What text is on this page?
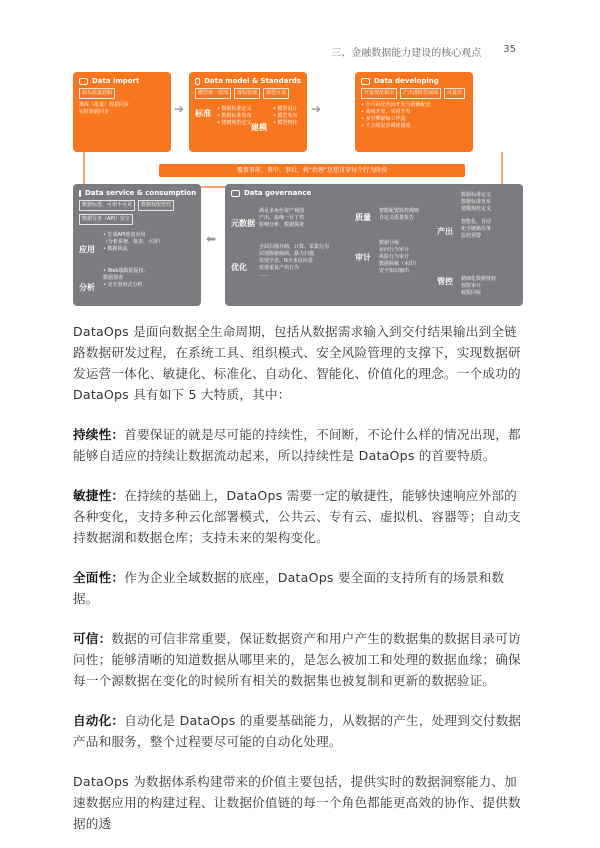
三、金融数据能力建设的核心观点 35
Data import
源头质量控制
离线（批量）数据同步
实时数据同步	➔
Data model & Standards
模型统一管理	落标管理	模型可视
标准 • 数据标准定义
• 数据标准发布
• 建模规范定义 建模
• 模型设计
• 模型发布
• 模型物化
➔
Data developing
开发规范指引	产出准时性保障	可复性
• 全可视化代码开发与依赖配置
• 离线开发、实时开发
• 多引擎混编工作流
• 千万级复杂调度调度
覆盖事前、事中、事后，将“治理”思想贯穿每个行为阶段
Data service & consumption
数据标准、可用不可见	数据权限管控
数据分享（API）安全
应用
• 生成API连接应用
（分析系统、报表、大屏）
• 数据回流
分析
• Web端数据提权、
数据探查
• 交互查询式分析
⬅
Data governance
元数据
满足多角色资产视图
产出、血缘一目了然
影响分析、数据探查
优化
全面扫描存储、计算、采集行为
识别数据倾斜、暴力扫描
发现空表、N天未访问表
发现重复产出行为
……
质量
智能配置监控规则
自定义质量报告
审计
数据分级
访问行为审计
风险行为审计
数据脱敏（水印）
安全知识输出
产出
数据标准定义
数据标准发布
建模规范定义
智能化、自动
化全链路任务
监控预警
管控 精细化数据授权
权限审计
权限回收

DataOps 是面向数据全生命周期，包括从数据需求输入到交付结果输出到全链路数据研发过程，在系统工具、组织模式、安全风险管理的支撑下，实现数据研发运营一体化、敏捷化、标准化、自动化、智能化、价值化的理念。一个成功的 DataOps 具有如下 5 大特质，其中：

持续性：首要保证的就是尽可能的持续性，不间断，不论什么样的情况出现，都能够自适应的持续让数据流动起来，所以持续性是 DataOps 的首要特质。

敏捷性：在持续的基础上，DataOps 需要一定的敏捷性，能够快速响应外部的各种变化，支持多种云化部署模式，公共云、专有云、虚拟机、容器等；自动支持数据湖和数据仓库；支持未来的架构变化。

全面性：作为企业全域数据的底座，DataOps 要全面的支持所有的场景和数据。

可信：数据的可信非常重要，保证数据资产和用户产生的数据集的数据目录可访问性；能够清晰的知道数据从哪里来的，是怎么被加工和处理的数据血缘；确保每一个源数据在变化的时候所有相关的数据集也被复制和更新的数据验证。

自动化：自动化是 DataOps 的重要基础能力，从数据的产生，处理到交付数据产品和服务，整个过程要尽可能的自动化处理。

DataOps 为数据体系构建带来的价值主要包括，提供实时的数据洞察能力、加速数据应用的构建过程、让数据价值链的每一个角色都能更高效的协作、提供数据的透
